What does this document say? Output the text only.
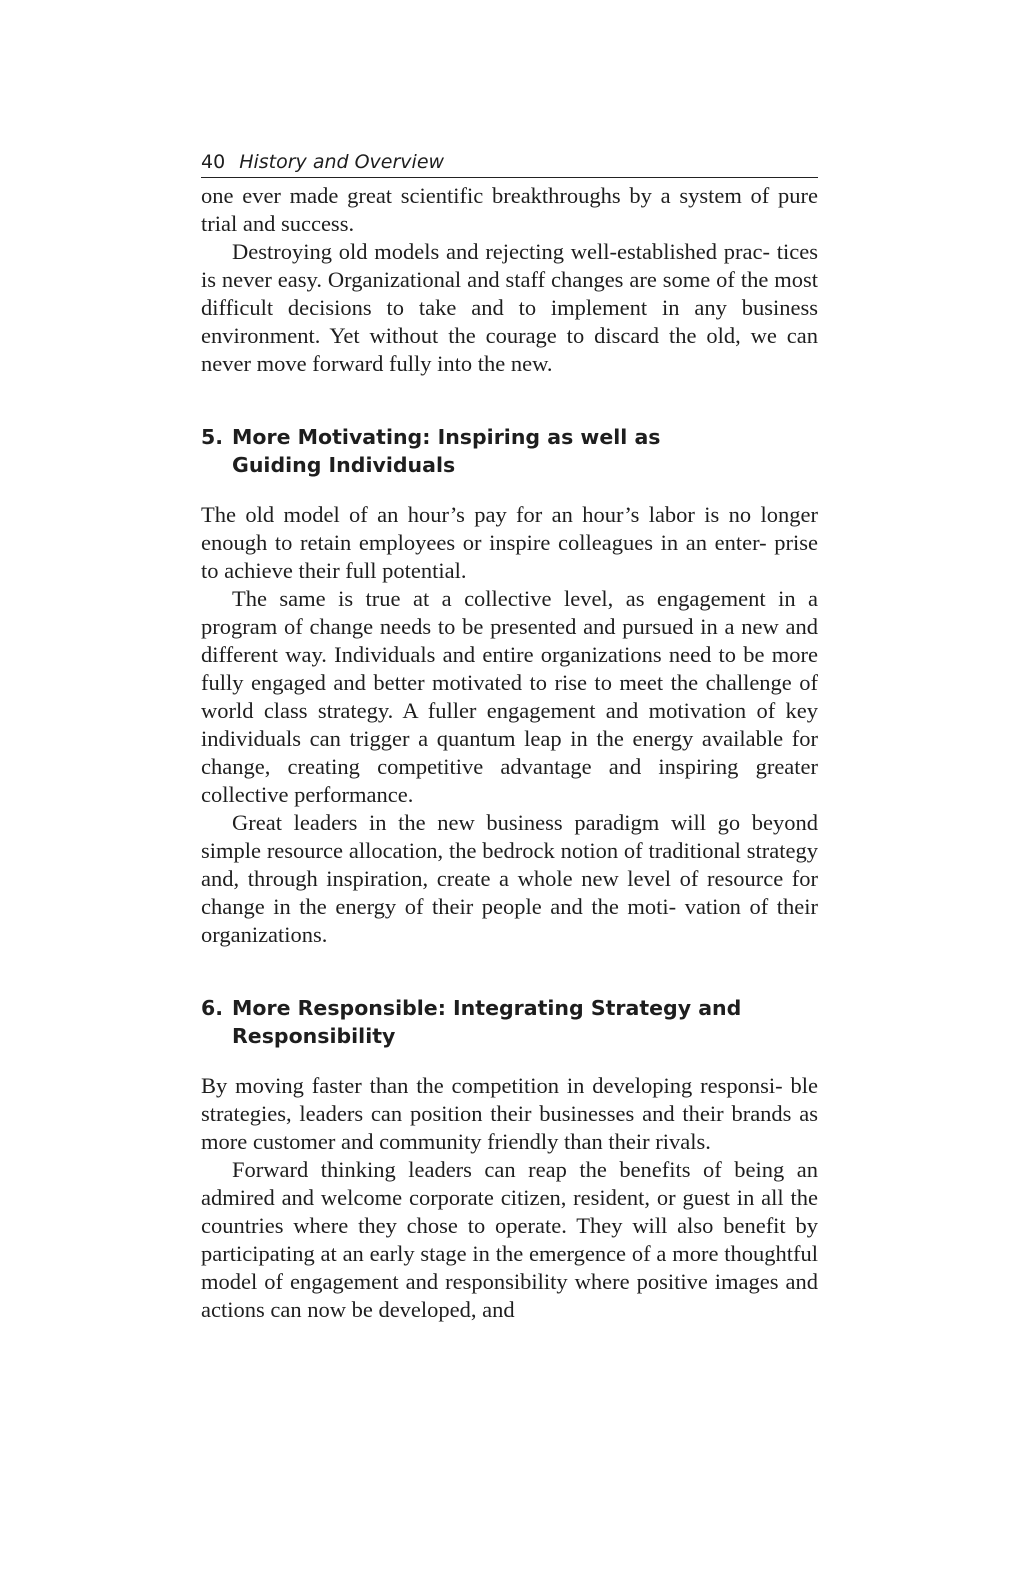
40 History and Overview

one ever made great scientific breakthroughs by a system of pure trial and success.

Destroying old models and rejecting well-established prac- tices is never easy. Organizational and staff changes are some of the most difficult decisions to take and to implement in any business environment. Yet without the courage to discard the old, we can never move forward fully into the new.

5. More Motivating: Inspiring as well as
Guiding Individuals

The old model of an hour’s pay for an hour’s labor is no longer enough to retain employees or inspire colleagues in an enter- prise to achieve their full potential.

The same is true at a collective level, as engagement in a program of change needs to be presented and pursued in a new and different way. Individuals and entire organizations need to be more fully engaged and better motivated to rise to meet the challenge of world class strategy. A fuller engagement and motivation of key individuals can trigger a quantum leap in the energy available for change, creating competitive advantage and inspiring greater collective performance.

Great leaders in the new business paradigm will go beyond simple resource allocation, the bedrock notion of traditional strategy and, through inspiration, create a whole new level of resource for change in the energy of their people and the moti- vation of their organizations.

6. More Responsible: Integrating Strategy and
Responsibility

By moving faster than the competition in developing responsi- ble strategies, leaders can position their businesses and their brands as more customer and community friendly than their rivals.

Forward thinking leaders can reap the benefits of being an admired and welcome corporate citizen, resident, or guest in all the countries where they chose to operate. They will also benefit by participating at an early stage in the emergence of a more thoughtful model of engagement and responsibility where positive images and actions can now be developed, and
